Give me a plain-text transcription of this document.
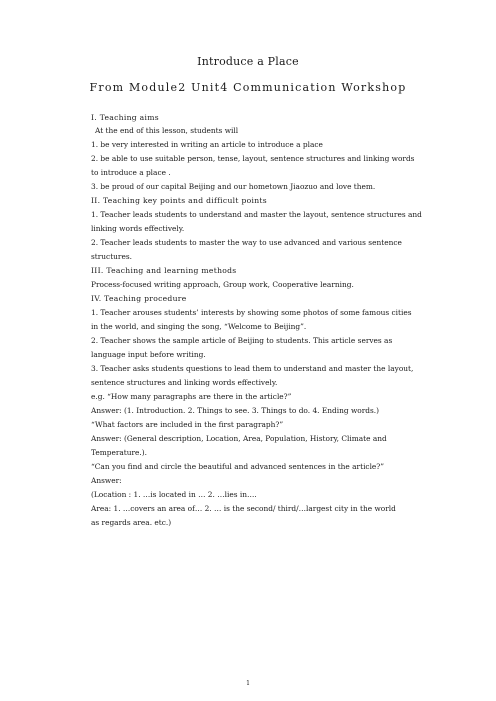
Introduce a Place
From Module2 Unit4 Communication Workshop
I. Teaching aims
At the end of this lesson, students will
1. be very interested in writing an article to introduce a place
2. be able to use suitable person, tense, layout, sentence structures and linking words
to introduce a place .
3. be proud of our capital Beijing and our hometown Jiaozuo and love them.
II. Teaching key points and difficult points
1. Teacher leads students to understand and master the layout, sentence structures and
linking words effectively.
2. Teacher leads students to master the way to use advanced and various sentence
structures.
III. Teaching and learning methods
Process-focused writing approach, Group work, Cooperative learning.
IV. Teaching procedure
1. Teacher arouses students’ interests by showing some photos of some famous cities
in the world, and singing the song, “Welcome to Beijing”.
2. Teacher shows the sample article of Beijing to students. This article serves as
language input before writing.
3. Teacher asks students questions to lead them to understand and master the layout,
sentence structures and linking words effectively.
e.g. “How many paragraphs are there in the article?”
Answer: (1. Introduction. 2. Things to see. 3. Things to do. 4. Ending words.)
“What factors are included in the first paragraph?”
Answer: (General description, Location, Area, Population, History, Climate and
Temperature.).
“Can you find and circle the beautiful and advanced sentences in the article?”
Answer:
(Location : 1. …is located in … 2. …lies in….
Area: 1. …covers an area of… 2. … is the second/ third/…largest city in the world
as regards area. etc.)
1
